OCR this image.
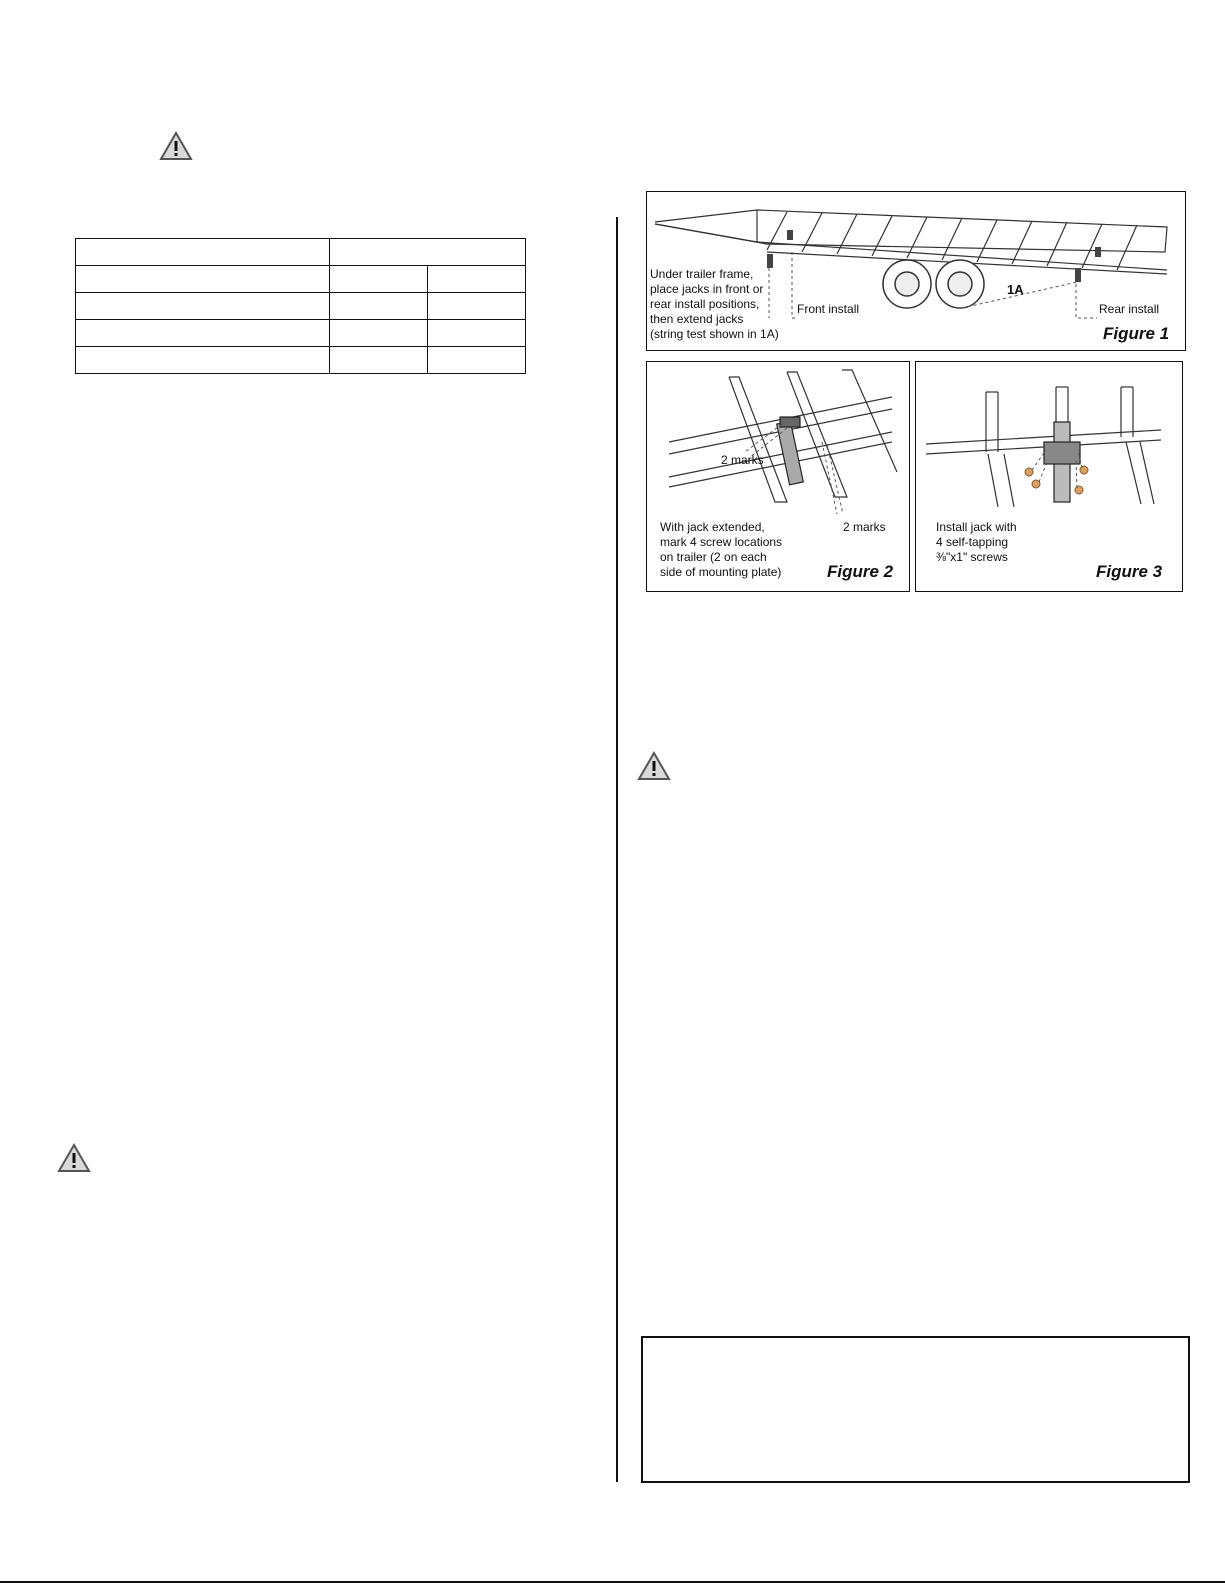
Under trailer frame,
place jacks in front or
rear install positions,
then extend jacks
(string test shown in 1A)
Front install
1A
Rear install
Figure 1
2 marks
2 marks
With jack extended,
mark 4 screw locations
on trailer (2 on each
side of mounting plate)	Figure 2
Install jack with
4 self-tapping
⅜"x1" screws
Figure 3
